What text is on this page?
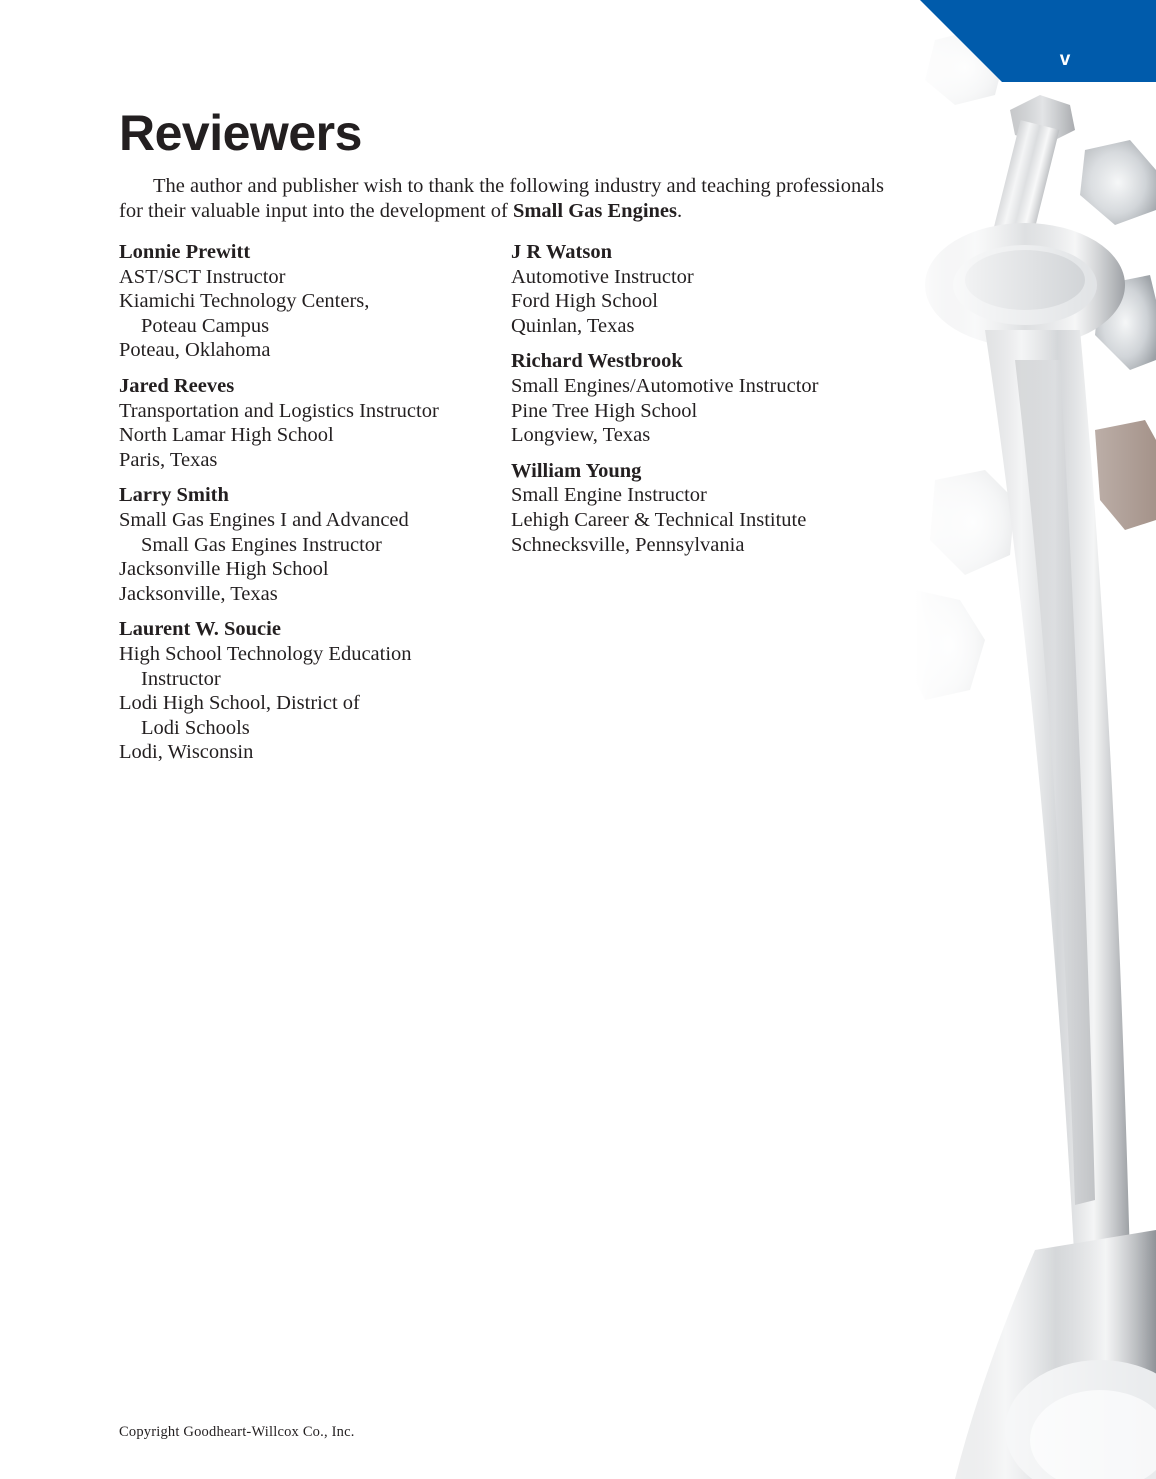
v
Reviewers

The author and publisher wish to thank the following industry and teaching professionals for their valuable input into the development of Small Gas Engines.

Lonnie Prewitt
AST/SCT Instructor
Kiamichi Technology Centers,
Poteau Campus
Poteau, Oklahoma
Jared Reeves
Transportation and Logistics Instructor
North Lamar High School
Paris, Texas
Larry Smith
Small Gas Engines I and Advanced
Small Gas Engines Instructor
Jacksonville High School
Jacksonville, Texas
Laurent W. Soucie
High School Technology Education
Instructor
Lodi High School, District of
Lodi Schools
Lodi, Wisconsin
J R Watson
Automotive Instructor
Ford High School
Quinlan, Texas
Richard Westbrook
Small Engines/Automotive Instructor
Pine Tree High School
Longview, Texas
William Young
Small Engine Instructor
Lehigh Career & Technical Institute
Schnecksville, Pennsylvania
Copyright Goodheart-Willcox Co., Inc.
